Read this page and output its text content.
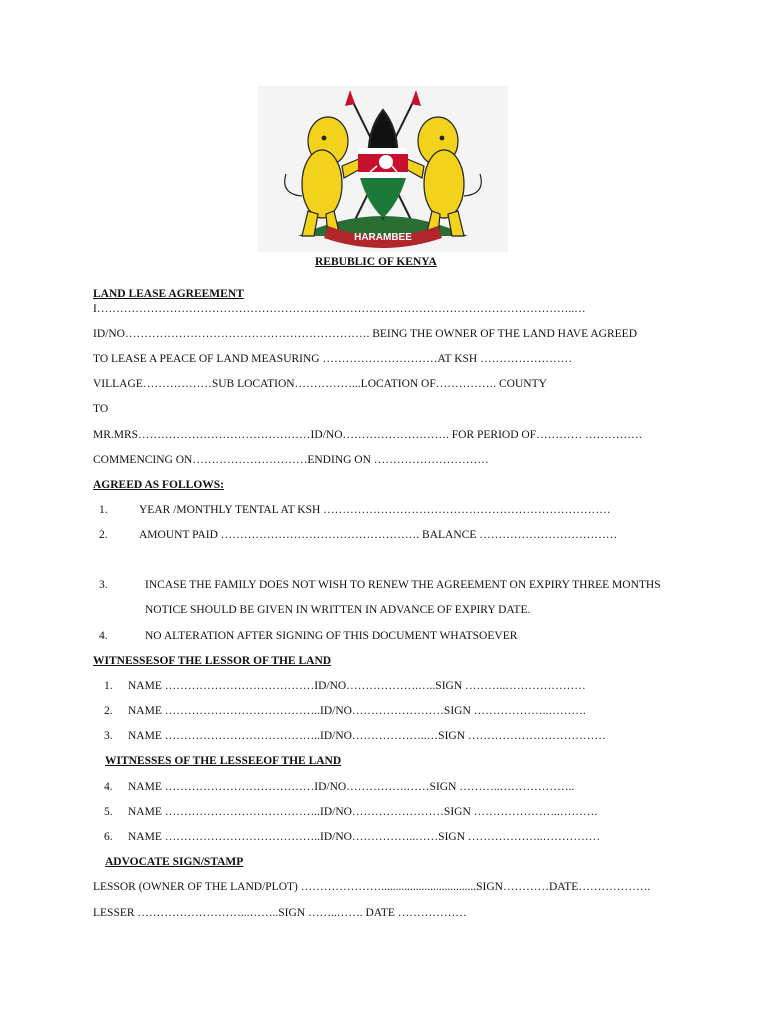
HARAMBEE
REBUBLIC OF KENYA
LAND LEASE AGREEMENT
I……………………………………………………………………………………………………………..…
ID/NO………………………………………………………. BEING THE OWNER OF THE LAND HAVE AGREED
TO LEASE A PEACE OF LAND MEASURING …………………………AT KSH ……………………
VILLAGE………………SUB LOCATION……………...LOCATION OF……………. COUNTY
TO
MR.MRS………………………………………ID/NO………………………. FOR PERIOD OF………… ……………
COMMENCING ON…………………………ENDING ON …………………………
AGREED AS FOLLOWS:
1.	YEAR /MONTHLY TENTAL AT KSH …………………………………………………………………
2.	AMOUNT PAID ……………………………………………. BALANCE ………………………………
3.	INCASE THE FAMILY DOES NOT WISH TO RENEW THE AGREEMENT ON EXPIRY THREE MONTHS
NOTICE SHOULD BE GIVEN IN WRITTEN IN ADVANCE OF EXPIRY DATE.
4.	NO ALTERATION AFTER SIGNING OF THIS DOCUMENT WHATSOEVER
WITNESSESOF THE LESSOR OF THE LAND
1. NAME …………………………………ID/NO……………….…..SIGN ………..…………………
2. NAME …………………………………..ID/NO……………………SIGN ………………..……….
3. NAME …………………………………..ID/NO………………..…SIGN ………………………………
WITNESSES OF THE LESSEEOF THE LAND
4. NAME …………………………………ID/NO…………….……SIGN ………..………………..
5. NAME …………………………………..ID/NO……………………SIGN …………………..……….
6. NAME …………………………………..ID/NO……………..……SIGN ………………..……………
ADVOCATE SIGN/STAMP
LESSOR (OWNER OF THE LAND/PLOT) ………………….................................SIGN…………DATE……………….
LESSER ………………………...……..SIGN ……..……. DATE ………………
